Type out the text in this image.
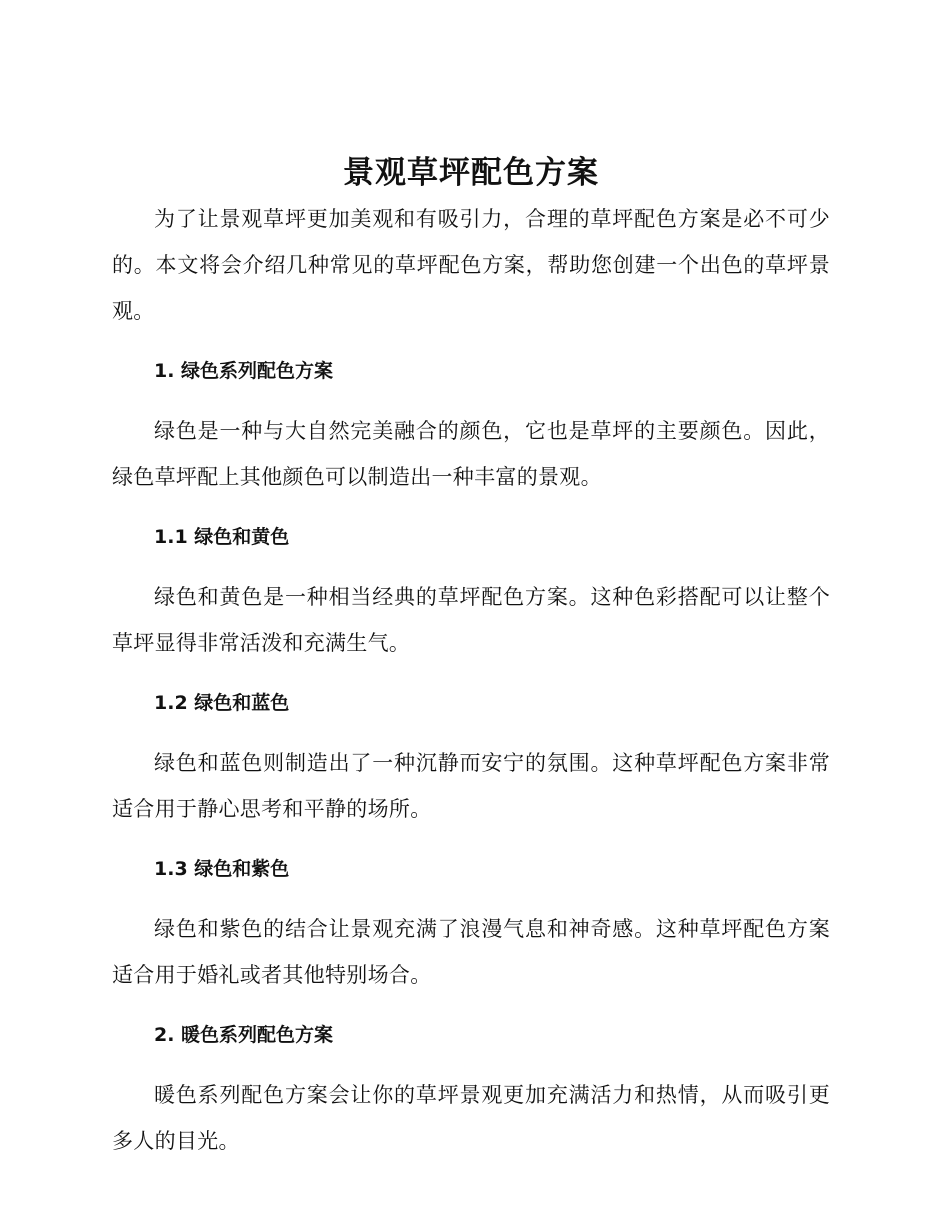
景观草坪配色方案

为了让景观草坪更加美观和有吸引力，合理的草坪配色方案是必不可少的。本文将会介绍几种常见的草坪配色方案，帮助您创建一个出色的草坪景观。

1. 绿色系列配色方案

绿色是一种与大自然完美融合的颜色，它也是草坪的主要颜色。因此，绿色草坪配上其他颜色可以制造出一种丰富的景观。

1.1 绿色和黄色

绿色和黄色是一种相当经典的草坪配色方案。这种色彩搭配可以让整个草坪显得非常活泼和充满生气。

1.2 绿色和蓝色

绿色和蓝色则制造出了一种沉静而安宁的氛围。这种草坪配色方案非常适合用于静心思考和平静的场所。

1.3 绿色和紫色

绿色和紫色的结合让景观充满了浪漫气息和神奇感。这种草坪配色方案适合用于婚礼或者其他特别场合。

2. 暖色系列配色方案

暖色系列配色方案会让你的草坪景观更加充满活力和热情，从而吸引更多人的目光。
